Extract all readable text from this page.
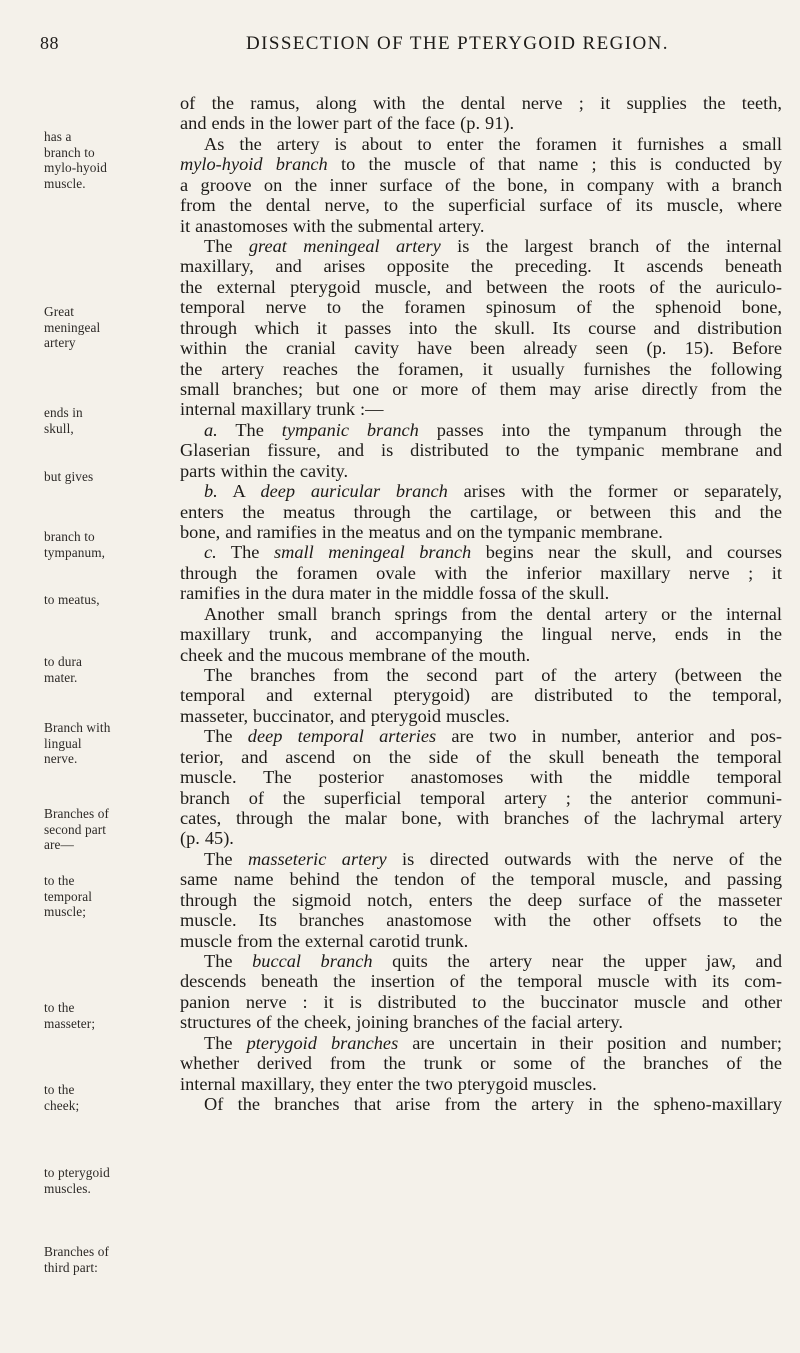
88	DISSECTION OF THE PTERYGOID REGION.
has a
branch to
mylo-hyoid
muscle.
Great
meningeal
artery
ends in
skull,
but gives
branch to
tympanum,
to meatus,
to dura
mater.
Branch with
lingual
nerve.
Branches of
second part
are—
to the
temporal
muscle;
to the
masseter;
to the
cheek;
to pterygoid
muscles.
Branches of
third part:
of the ramus, along with the dental nerve ; it supplies the teeth,
and ends in the lower part of the face (p. 91).
As the artery is about to enter the foramen it furnishes a small
mylo-hyoid branch to the muscle of that name ; this is conducted by
a groove on the inner surface of the bone, in company with a branch
from the dental nerve, to the superficial surface of its muscle, where
it anastomoses with the submental artery.
The great meningeal artery is the largest branch of the internal
maxillary, and arises opposite the preceding. It ascends beneath
the external pterygoid muscle, and between the roots of the auriculo-
temporal nerve to the foramen spinosum of the sphenoid bone,
through which it passes into the skull. Its course and distribution
within the cranial cavity have been already seen (p. 15). Before
the artery reaches the foramen, it usually furnishes the following
small branches; but one or more of them may arise directly from the
internal maxillary trunk :—
a. The tympanic branch passes into the tympanum through the
Glaserian fissure, and is distributed to the tympanic membrane and
parts within the cavity.
b. A deep auricular branch arises with the former or separately,
enters the meatus through the cartilage, or between this and the
bone, and ramifies in the meatus and on the tympanic membrane.
c. The small meningeal branch begins near the skull, and courses
through the foramen ovale with the inferior maxillary nerve ; it
ramifies in the dura mater in the middle fossa of the skull.
Another small branch springs from the dental artery or the internal
maxillary trunk, and accompanying the lingual nerve, ends in the
cheek and the mucous membrane of the mouth.
The branches from the second part of the artery (between the
temporal and external pterygoid) are distributed to the temporal,
masseter, buccinator, and pterygoid muscles.
The deep temporal arteries are two in number, anterior and pos-
terior, and ascend on the side of the skull beneath the temporal
muscle. The posterior anastomoses with the middle temporal
branch of the superficial temporal artery ; the anterior communi-
cates, through the malar bone, with branches of the lachrymal artery
(p. 45).
The masseteric artery is directed outwards with the nerve of the
same name behind the tendon of the temporal muscle, and passing
through the sigmoid notch, enters the deep surface of the masseter
muscle. Its branches anastomose with the other offsets to the
muscle from the external carotid trunk.
The buccal branch quits the artery near the upper jaw, and
descends beneath the insertion of the temporal muscle with its com-
panion nerve : it is distributed to the buccinator muscle and other
structures of the cheek, joining branches of the facial artery.
The pterygoid branches are uncertain in their position and number;
whether derived from the trunk or some of the branches of the
internal maxillary, they enter the two pterygoid muscles.
Of the branches that arise from the artery in the spheno-maxillary
